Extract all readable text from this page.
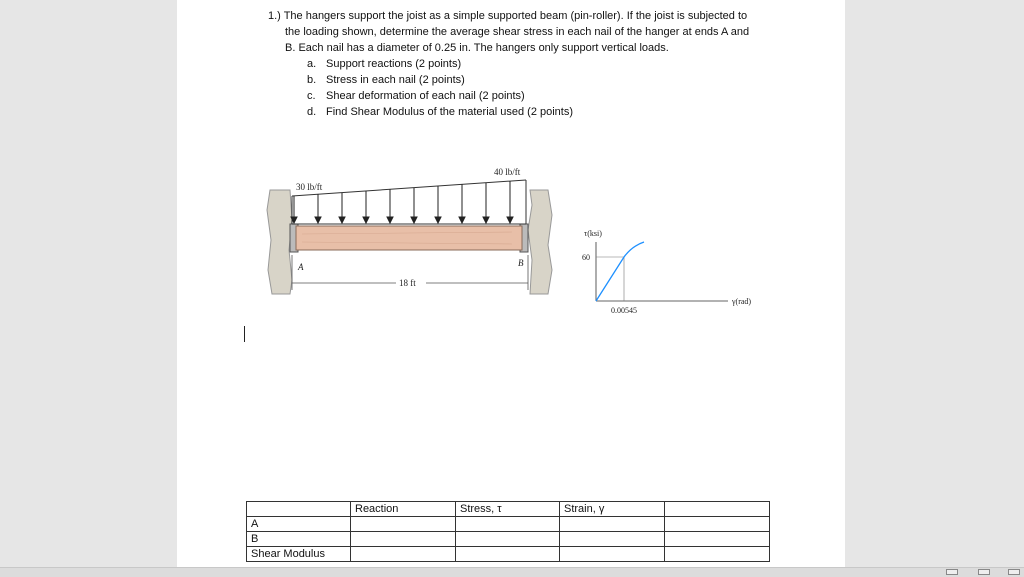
1.) The hangers support the joist as a simple supported beam (pin-roller). If the joist is subjected to
the loading shown, determine the average shear stress in each nail of the hanger at ends A and
B. Each nail has a diameter of 0.25 in. The hangers only support vertical loads.
a. Support reactions (2 points)
b. Stress in each nail (2 points)
c. Shear deformation of each nail (2 points)
d. Find Shear Modulus of the material used (2 points)
30 lb/ft
40 lb/ft
A	B
18 ft
τ(ksi)
60
0.00545
γ(rad)
	Reaction	Stress, τ	Strain, γ	
A				
B				
Shear Modulus				
